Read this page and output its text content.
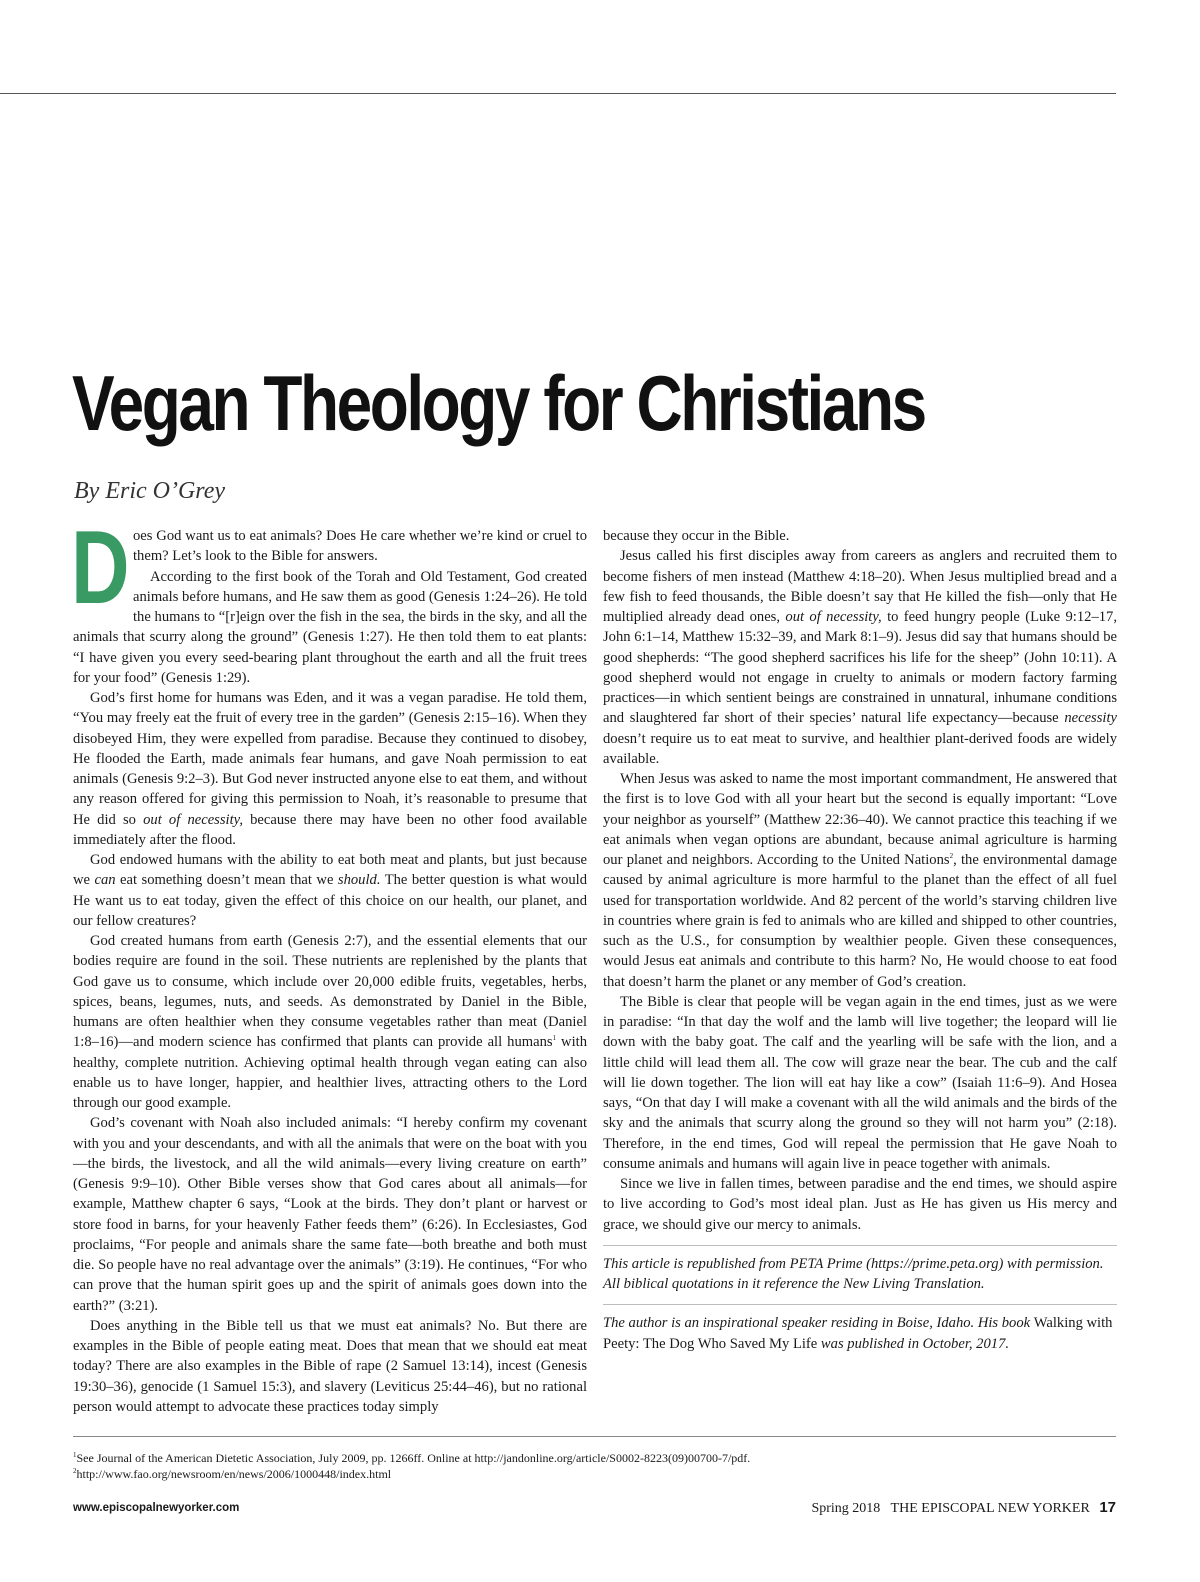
Vegan Theology for Christians
By Eric O’Grey

Does God want us to eat animals? Does He care whether we’re kind or cruel to them? Let’s look to the Bible for answers.

According to the first book of the Torah and Old Testament, God created animals before humans, and He saw them as good (Genesis 1:24–26). He told the humans to “[r]eign over the fish in the sea, the birds in the sky, and all the animals that scurry along the ground” (Genesis 1:27). He then told them to eat plants: “I have given you every seed-bearing plant throughout the earth and all the fruit trees for your food” (Genesis 1:29).

God’s first home for humans was Eden, and it was a vegan paradise. He told them, “You may freely eat the fruit of every tree in the garden” (Genesis 2:15–16). When they disobeyed Him, they were expelled from paradise. Because they continued to disobey, He flooded the Earth, made animals fear humans, and gave Noah permission to eat animals (Genesis 9:2–3). But God never instructed anyone else to eat them, and without any reason offered for giving this permission to Noah, it’s reasonable to presume that He did so out of necessity, because there may have been no other food available immediately after the flood.

God endowed humans with the ability to eat both meat and plants, but just because we can eat something doesn’t mean that we should. The better question is what would He want us to eat today, given the effect of this choice on our health, our planet, and our fellow creatures?

God created humans from earth (Genesis 2:7), and the essential elements that our bodies require are found in the soil. These nutrients are replenished by the plants that God gave us to consume, which include over 20,000 edible fruits, vegetables, herbs, spices, beans, legumes, nuts, and seeds. As demonstrated by Daniel in the Bible, humans are often healthier when they consume vegetables rather than meat (Daniel 1:8–16)—and modern science has confirmed that plants can provide all humans$^1$ with healthy, complete nutrition. Achieving optimal health through vegan eating can also enable us to have longer, happier, and healthier lives, attracting others to the Lord through our good example.

God’s covenant with Noah also included animals: “I hereby confirm my covenant with you and your descendants, and with all the animals that were on the boat with you—the birds, the livestock, and all the wild animals—every living creature on earth” (Genesis 9:9–10). Other Bible verses show that God cares about all animals—for example, Matthew chapter 6 says, “Look at the birds. They don’t plant or harvest or store food in barns, for your heavenly Father feeds them” (6:26). In Ecclesiastes, God proclaims, “For people and animals share the same fate—both breathe and both must die. So people have no real advantage over the animals” (3:19). He continues, “For who can prove that the human spirit goes up and the spirit of animals goes down into the earth?” (3:21).

Does anything in the Bible tell us that we must eat animals? No. But there are examples in the Bible of people eating meat. Does that mean that we should eat meat today? There are also examples in the Bible of rape (2 Samuel 13:14), incest (Genesis 19:30–36), genocide (1 Samuel 15:3), and slavery (Leviticus 25:44–46), but no rational person would attempt to advocate these practices today simply

because they occur in the Bible.

Jesus called his first disciples away from careers as anglers and recruited them to become fishers of men instead (Matthew 4:18–20). When Jesus multiplied bread and a few fish to feed thousands, the Bible doesn’t say that He killed the fish—only that He multiplied already dead ones, out of necessity, to feed hungry people (Luke 9:12–17, John 6:1–14, Matthew 15:32–39, and Mark 8:1–9). Jesus did say that humans should be good shepherds: “The good shepherd sacrifices his life for the sheep” (John 10:11). A good shepherd would not engage in cruelty to animals or modern factory farming practices—in which sentient beings are constrained in unnatural, inhumane conditions and slaughtered far short of their species’ natural life expectancy—because necessity doesn’t require us to eat meat to survive, and healthier plant-derived foods are widely available.

When Jesus was asked to name the most important commandment, He answered that the first is to love God with all your heart but the second is equally important: “Love your neighbor as yourself” (Matthew 22:36–40). We cannot practice this teaching if we eat animals when vegan options are abundant, because animal agriculture is harming our planet and neighbors. According to the United Nations$^2$, the environmental damage caused by animal agriculture is more harmful to the planet than the effect of all fuel used for transportation worldwide. And 82 percent of the world’s starving children live in countries where grain is fed to animals who are killed and shipped to other countries, such as the U.S., for consumption by wealthier people. Given these consequences, would Jesus eat animals and contribute to this harm? No, He would choose to eat food that doesn’t harm the planet or any member of God’s creation.

The Bible is clear that people will be vegan again in the end times, just as we were in paradise: “In that day the wolf and the lamb will live together; the leopard will lie down with the baby goat. The calf and the yearling will be safe with the lion, and a little child will lead them all. The cow will graze near the bear. The cub and the calf will lie down together. The lion will eat hay like a cow” (Isaiah 11:6–9). And Hosea says, “On that day I will make a covenant with all the wild animals and the birds of the sky and the animals that scurry along the ground so they will not harm you” (2:18). Therefore, in the end times, God will repeal the permission that He gave Noah to consume animals and humans will again live in peace together with animals.

Since we live in fallen times, between paradise and the end times, we should aspire to live according to God’s most ideal plan. Just as He has given us His mercy and grace, we should give our mercy to animals.

This article is republished from PETA Prime (https://prime.peta.org) with permission. All biblical quotations in it reference the New Living Translation.

The author is an inspirational speaker residing in Boise, Idaho. His book Walking with Peety: The Dog Who Saved My Life was published in October, 2017.

$^1$See Journal of the American Dietetic Association, July 2009, pp. 1266ff. Online at http://jandonline.org/article/S0002-8223(09)00700-7/pdf.
$^2$http://www.fao.org/newsroom/en/news/2006/1000448/index.html
www.episcopalnewyorker.com	Spring 2018 THE EPISCOPAL NEW YORKER 17
